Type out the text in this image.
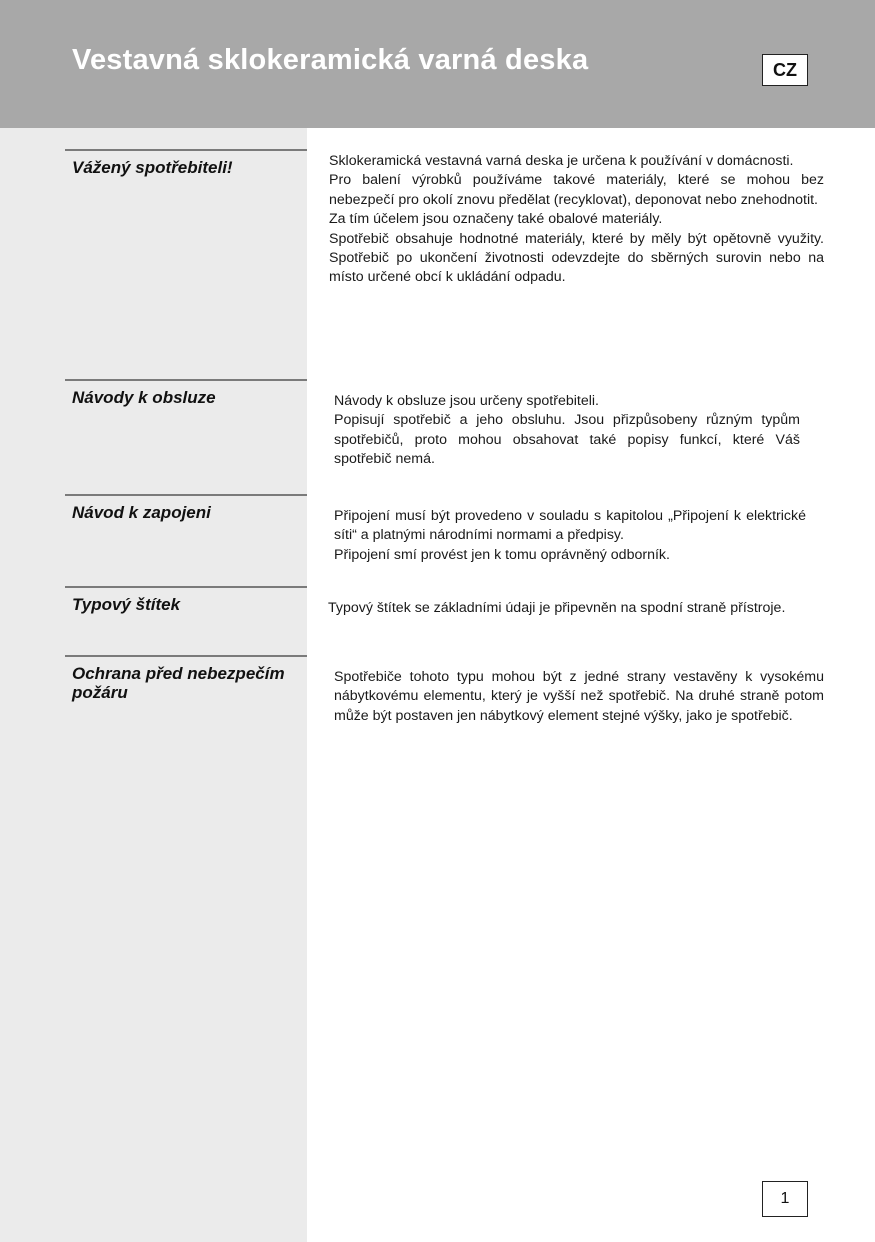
Vestavná sklokeramická varná deska	CZ
Vážený spotřebiteli!	Sklokeramická vestavná varná deska je určena k používání v domácnosti.

Pro balení výrobků používáme takové materiály, které se mohou bez nebezpečí pro okolí znovu předělat (recyklovat), deponovat nebo znehodnotit.

Za tím účelem jsou označeny také obalové materiály.

Spotřebič obsahuje hodnotné materiály, které by měly být opětovně využity. Spotřebič po ukončení životnosti odevzdejte do sběrných surovin nebo na místo určené obcí k ukládání odpadu.

Návody k obsluze	Návody k obsluze jsou určeny spotřebiteli.

Popisují spotřebič a jeho obsluhu. Jsou přizpůsobeny různým typům spotřebičů, proto mohou obsahovat také popisy funkcí, které Váš spotřebič nemá.

Návod k zapojeni	Připojení musí být provedeno v souladu s kapitolou „Připojení k elektrické síti“ a platnými národními normami a předpisy.

Připojení smí provést jen k tomu oprávněný odborník.

Typový štítek	Typový štítek se základními údaji je připevněn na spodní straně přístroje.

Ochrana před nebezpečím požáru

Spotřebiče tohoto typu mohou být z jedné strany vestavěny k vysokému nábytkovému elementu, který je vyšší než spotřebič. Na druhé straně potom může být postaven jen nábytkový element stejné výšky, jako je spotřebič.

1
